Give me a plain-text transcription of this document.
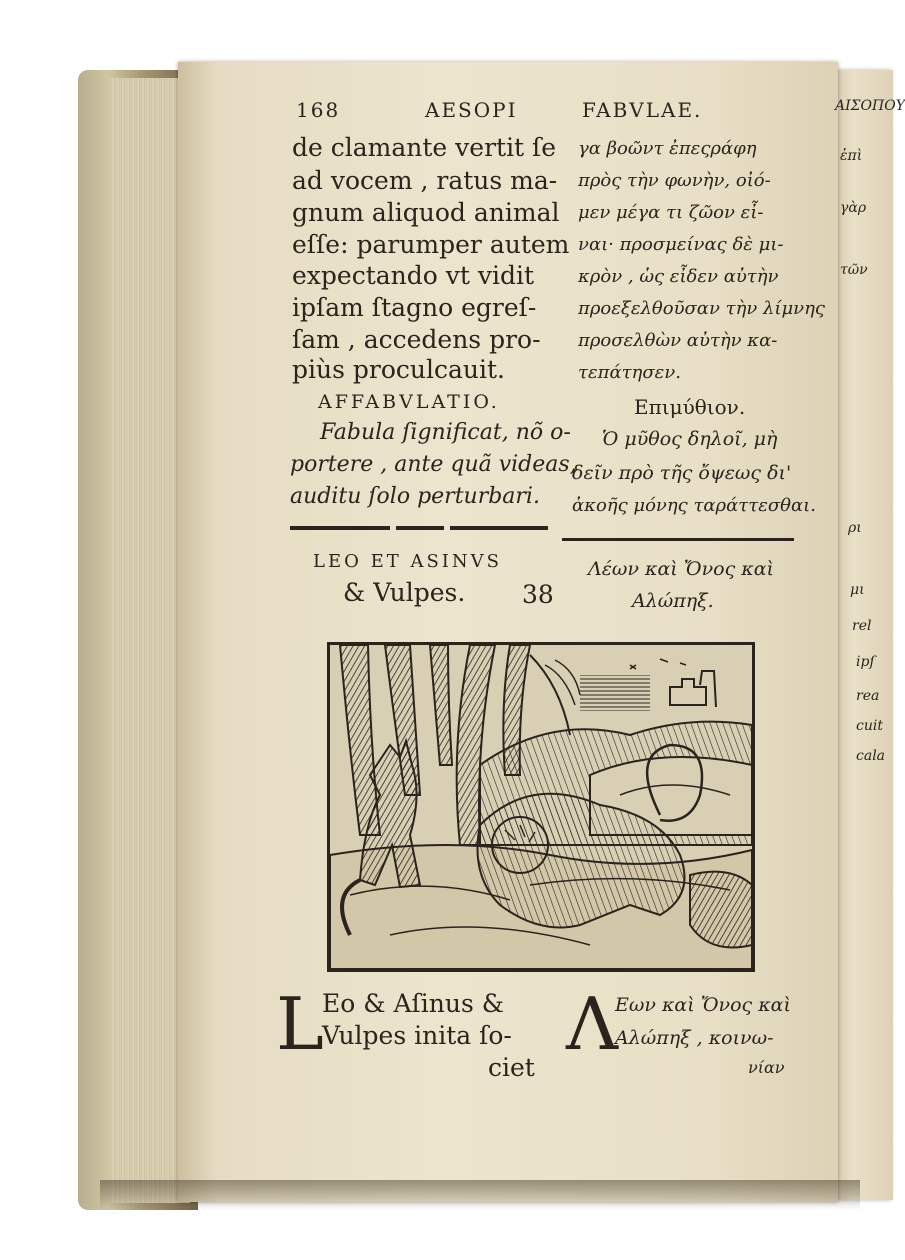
168	AESOPI	FABVLAE.
de clamante vertit ſe
ad vocem , ratus ma-
gnum aliquod animal
eſſe: parumper autem
expectando vt vidit
ipſam ſtagno egreſ-
ſam , accedens pro-
piùs proculcauit.
γα βοῶντ ἐπεςράφη
πρὸς τὴν φωνὴν, οἰό-
μεν μέγα τι ζῶον εἶ-
ναι· προσμείνας δὲ μι-
κρὸν , ὡς εἶδεν αὐτὴν
προεξελθοῦσαν τὴν λίμνης
προσελθὼν αὐτὴν κα-
τεπάτησεν.
AFFABVLATIO.
Fabula ſignificat, nõ o-
portere , ante quã videas,
auditu ſolo perturbari.
Επιμύθιον.
Ὁ μῦθος δηλοῖ, μὴ
δεῖν πρὸ τῆς ὄψεως δι'
ἀκοῆς μόνης ταράττεσθαι.
LEO ET ASINVS
& Vulpes. 38
Λέων καὶ Ὄνος καὶ
Αλώπηξ.
L
Eo & Aſinus &
Vulpes inita ſo-
ciet
Λ
Εων καὶ Ὄνος καὶ
Αλώπηξ , κοινω-
νίαν
ΑΙΣΟΠΟΥ
ἐπὶ
γὰρ
τῶν
ρι
μι
rel
ipſ
rea
cuit
cala
